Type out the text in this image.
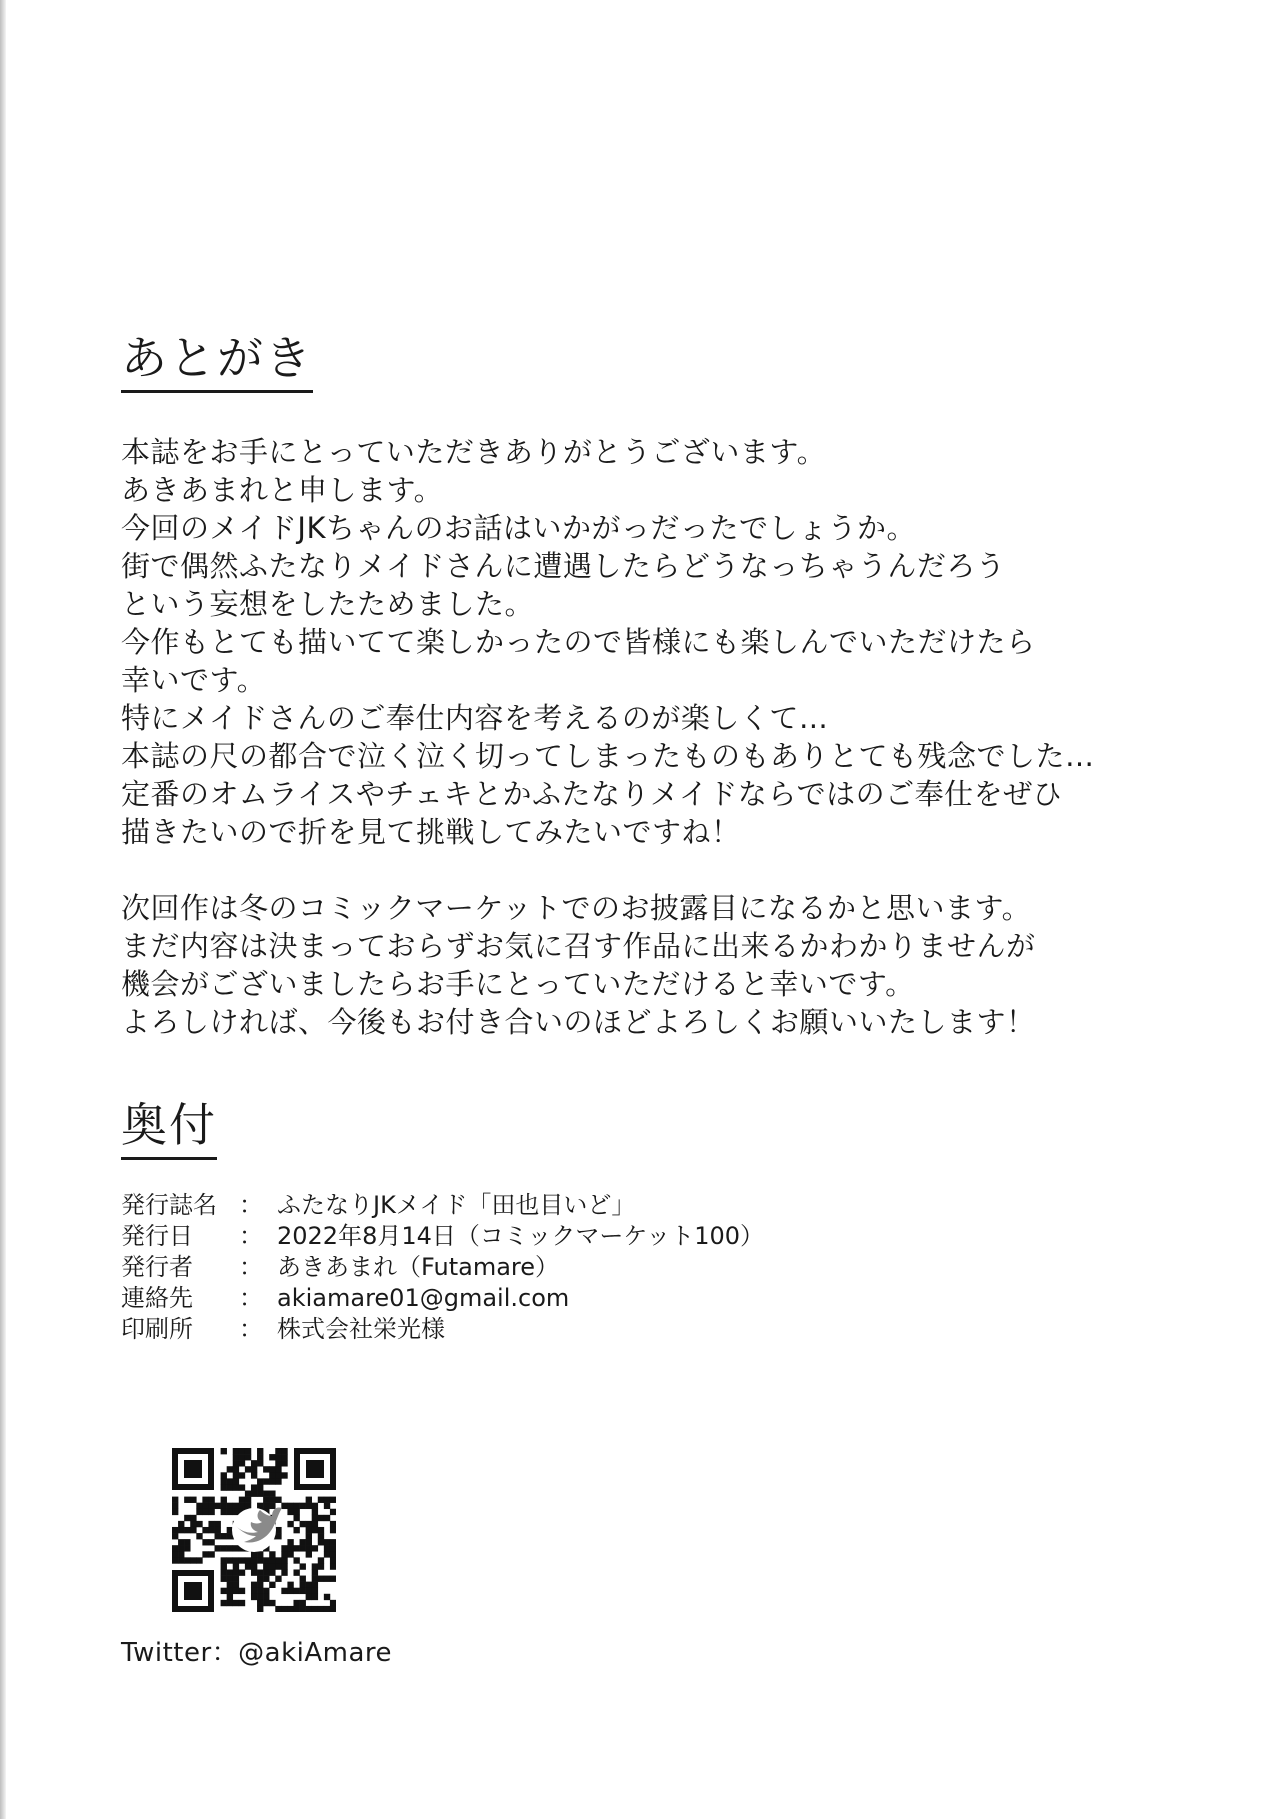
あとがき
本誌をお手にとっていただきありがとうございます。
あきあまれと申します。
今回のメイドJKちゃんのお話はいかがっだったでしょうか。
街で偶然ふたなりメイドさんに遭遇したらどうなっちゃうんだろう
という妄想をしたためました。
今作もとても描いてて楽しかったので皆様にも楽しんでいただけたら
幸いです。
特にメイドさんのご奉仕内容を考えるのが楽しくて…
本誌の尺の都合で泣く泣く切ってしまったものもありとても残念でした…
定番のオムライスやチェキとかふたなりメイドならではのご奉仕をぜひ
描きたいので折を見て挑戦してみたいですね！
次回作は冬のコミックマーケットでのお披露目になるかと思います。
まだ内容は決まっておらずお気に召す作品に出来るかわかりませんが
機会がございましたらお手にとっていただけると幸いです。
よろしければ、今後もお付き合いのほどよろしくお願いいたします！
奥付
発行誌名 ： ふたなりJKメイド「田也目いど」
発行日	： 2022年8月14日（コミックマーケット100）
発行者	： あきあまれ（Futamare）
連絡先	： akiamare01@gmail.com
印刷所	： 株式会社栄光様
Twitter：@akiAmare
